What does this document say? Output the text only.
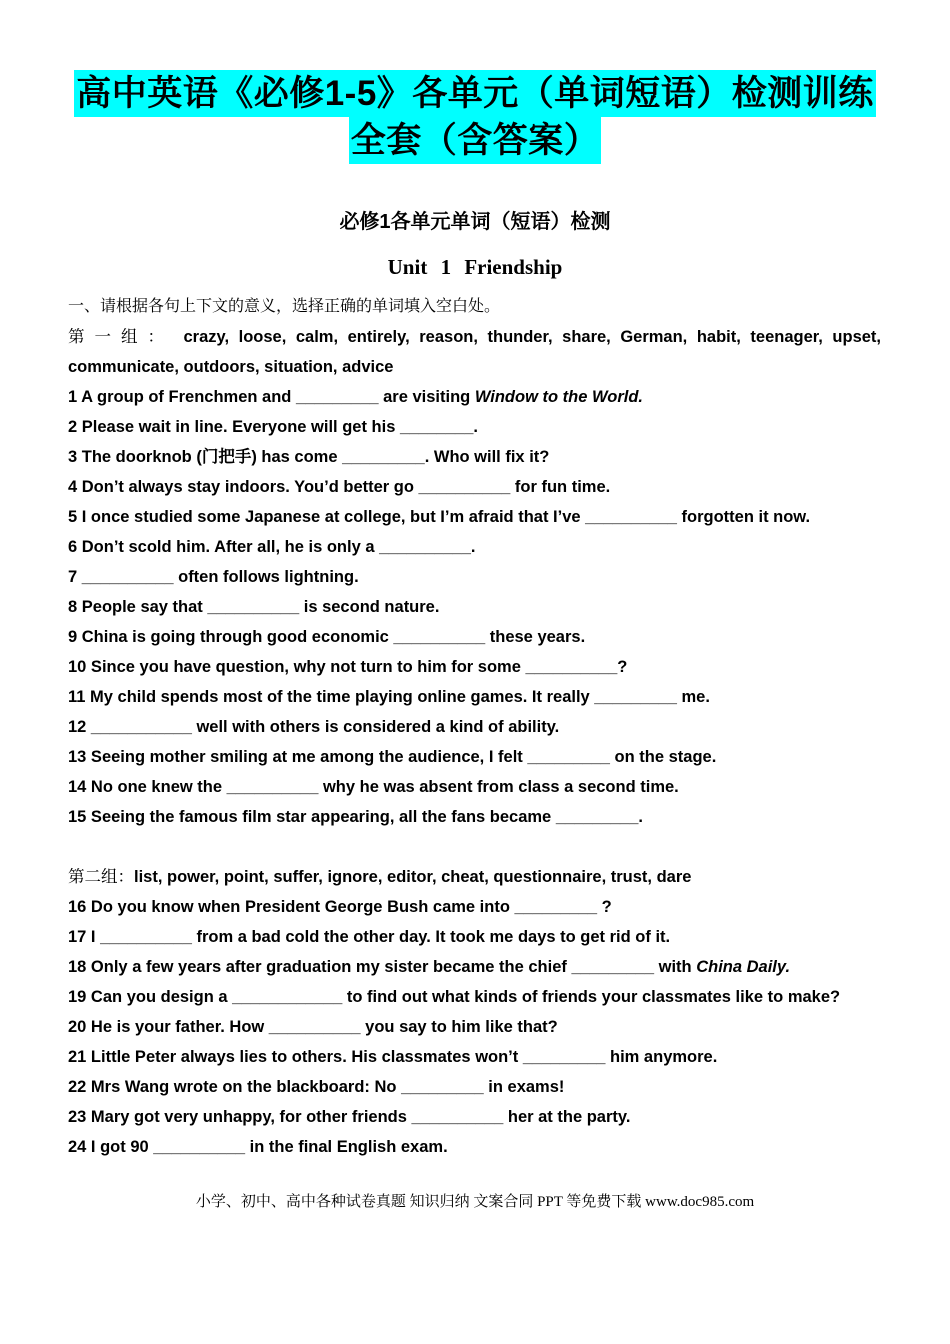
高中英语《必修1-5》各单元（单词短语）检测训练
全套（含答案）
必修1各单元单词（短语）检测
Unit 1 Friendship
一、请根据各句上下文的意义，选择正确的单词填入空白处。
第一组： crazy, loose, calm, entirely, reason, thunder, share, German, habit, teenager, upset, communicate, outdoors, situation, advice
1 A group of Frenchmen and _________ are visiting Window to the World.
2 Please wait in line. Everyone will get his ________.
3 The doorknob (门把手) has come _________. Who will fix it?
4 Don’t always stay indoors. You’d better go __________ for fun time.
5 I once studied some Japanese at college, but I’m afraid that I’ve __________ forgotten it now.
6 Don’t scold him. After all, he is only a __________.
7 __________ often follows lightning.
8 People say that __________ is second nature.
9 China is going through good economic __________ these years.
10 Since you have question, why not turn to him for some __________?
11 My child spends most of the time playing online games. It really _________ me.
12 ___________ well with others is considered a kind of ability.
13 Seeing mother smiling at me among the audience, I felt _________ on the stage.
14 No one knew the __________ why he was absent from class a second time.
15 Seeing the famous film star appearing, all the fans became _________.
第二组：list, power, point, suffer, ignore, editor, cheat, questionnaire, trust, dare
16 Do you know when President George Bush came into _________ ?
17 I __________ from a bad cold the other day. It took me days to get rid of it.
18 Only a few years after graduation my sister became the chief _________ with China Daily.
19 Can you design a ____________ to find out what kinds of friends your classmates like to make?
20 He is your father. How __________ you say to him like that?
21 Little Peter always lies to others. His classmates won’t _________ him anymore.
22 Mrs Wang wrote on the blackboard: No _________ in exams!
23 Mary got very unhappy, for other friends __________ her at the party.
24 I got 90 __________ in the final English exam.
小学、初中、高中各种试卷真题 知识归纳 文案合同 PPT 等免费下载 www.doc985.com
